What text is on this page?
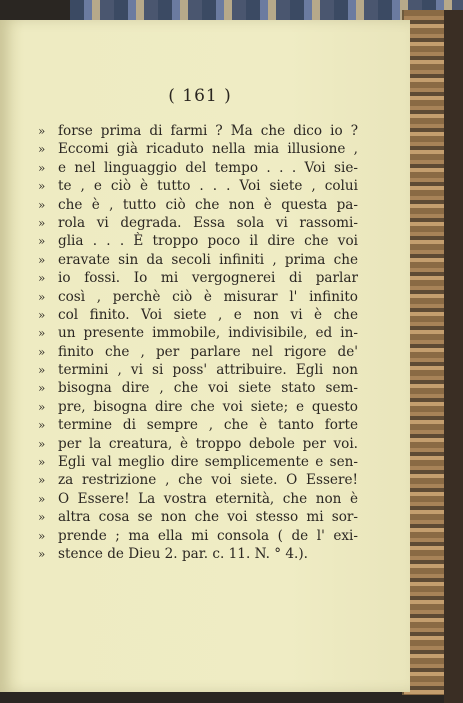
( 161 )
» forse prima di farmi ? Ma che dico io ?
» Eccomi già ricaduto nella mia illusione ,
» e nel linguaggio del tempo . . . Voi sie-
» te , e ciò è tutto . . . Voi siete , colui
» che è , tutto ciò che non è questa pa-
» rola vi degrada. Essa sola vi rassomi-
» glia . . . È troppo poco il dire che voi
» eravate sin da secoli infiniti , prima che
» io fossi. Io mi vergognerei di parlar
» così , perchè ciò è misurar l' infinito
» col finito. Voi siete , e non vi è che
» un presente immobile, indivisibile, ed in-
» finito che , per parlare nel rigore de'
» termini , vi si poss' attribuire. Egli non
» bisogna dire , che voi siete stato sem-
» pre, bisogna dire che voi siete; e questo
» termine di sempre , che è tanto forte
» per la creatura, è troppo debole per voi.
» Egli val meglio dire semplicemente e sen-
» za restrizione , che voi siete. O Essere!
» O Essere! La vostra eternità, che non è
» altra cosa se non che voi stesso mi sor-
» prende ; ma ella mi consola ( de l' exi-
» stence de Dieu 2. par. c. 11. N. ° 4.).
